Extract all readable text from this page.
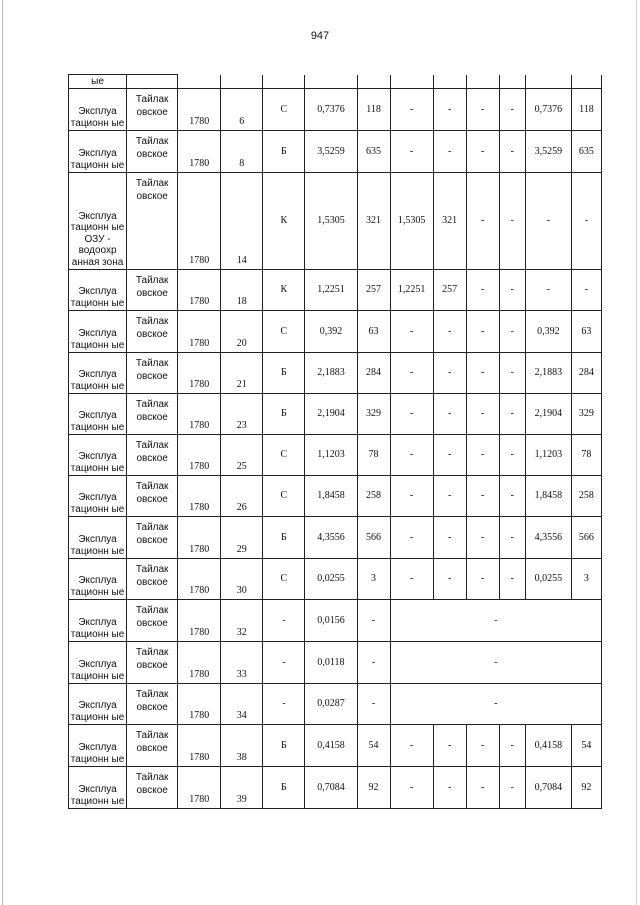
947
ые												
Эксплуа тационн ые	Тайлак овское	1780	6	С	0,7376	118	-	-	-	-	0,7376	118
Эксплуа тационн ые	Тайлак овское	1780	8	Б	3,5259	635	-	-	-	-	3,5259	635
Эксплуа тационн ые ОЗУ - водоохр анная зона	Тайлак овское	1780	14	К	1,5305	321	1,5305	321	-	-	-	-
Эксплуа тационн ые	Тайлак овское	1780	18	К	1,2251	257	1,2251	257	-	-	-	-
Эксплуа тационн ые	Тайлак овское	1780	20	С	0,392	63	-	-	-	-	0,392	63
Эксплуа тационн ые	Тайлак овское	1780	21	Б	2,1883	284	-	-	-	-	2,1883	284
Эксплуа тационн ые	Тайлак овское	1780	23	Б	2,1904	329	-	-	-	-	2,1904	329
Эксплуа тационн ые	Тайлак овское	1780	25	С	1,1203	78	-	-	-	-	1,1203	78
Эксплуа тационн ые	Тайлак овское	1780	26	С	1,8458	258	-	-	-	-	1,8458	258
Эксплуа тационн ые	Тайлак овское	1780	29	Б	4,3556	566	-	-	-	-	4,3556	566
Эксплуа тационн ые	Тайлак овское	1780	30	С	0,0255	3	-	-	-	-	0,0255	3
Эксплуа тационн ые	Тайлак овское	1780	32	-	0,0156	-	-					
Эксплуа тационн ые	Тайлак овское	1780	33	-	0,0118	-	-					
Эксплуа тационн ые	Тайлак овское	1780	34	-	0,0287	-	-					
Эксплуа тационн ые	Тайлак овское	1780	38	Б	0,4158	54	-	-	-	-	0,4158	54
Эксплуа тационн ые	Тайлак овское	1780	39	Б	0,7084	92	-	-	-	-	0,7084	92
